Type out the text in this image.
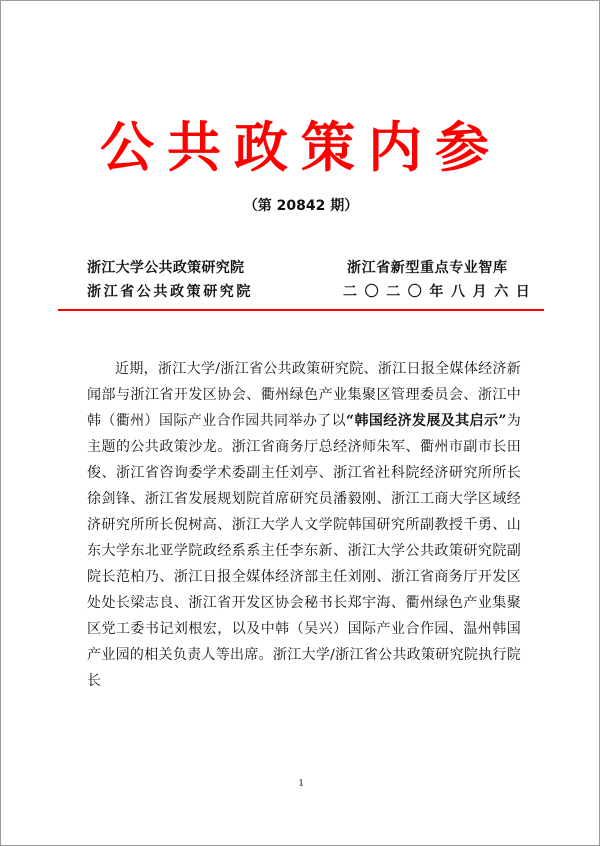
公共政策内参
（第 20842 期）
浙江大学公共政策研究院
浙江省公共政策研究院
浙江省新型重点专业智库
二〇二〇年八月六日
近期，浙江大学/浙江省公共政策研究院、浙江日报全媒体经济新闻部与浙江省开发区协会、衢州绿色产业集聚区管理委员会、浙江中韩（衢州）国际产业合作园共同举办了以“韩国经济发展及其启示”为主题的公共政策沙龙。浙江省商务厅总经济师朱军、衢州市副市长田俊、浙江省咨询委学术委副主任刘亭、浙江省社科院经济研究所所长徐剑锋、浙江省发展规划院首席研究员潘毅刚、浙江工商大学区域经济研究所所长倪树高、浙江大学人文学院韩国研究所副教授千勇、山东大学东北亚学院政经系系主任李东新、浙江大学公共政策研究院副院长范柏乃、浙江日报全媒体经济部主任刘刚、浙江省商务厅开发区处处长梁志良、浙江省开发区协会秘书长郑宇海、衢州绿色产业集聚区党工委书记刘根宏，以及中韩（吴兴）国际产业合作园、温州韩国产业园的相关负责人等出席。浙江大学/浙江省公共政策研究院执行院长
1
